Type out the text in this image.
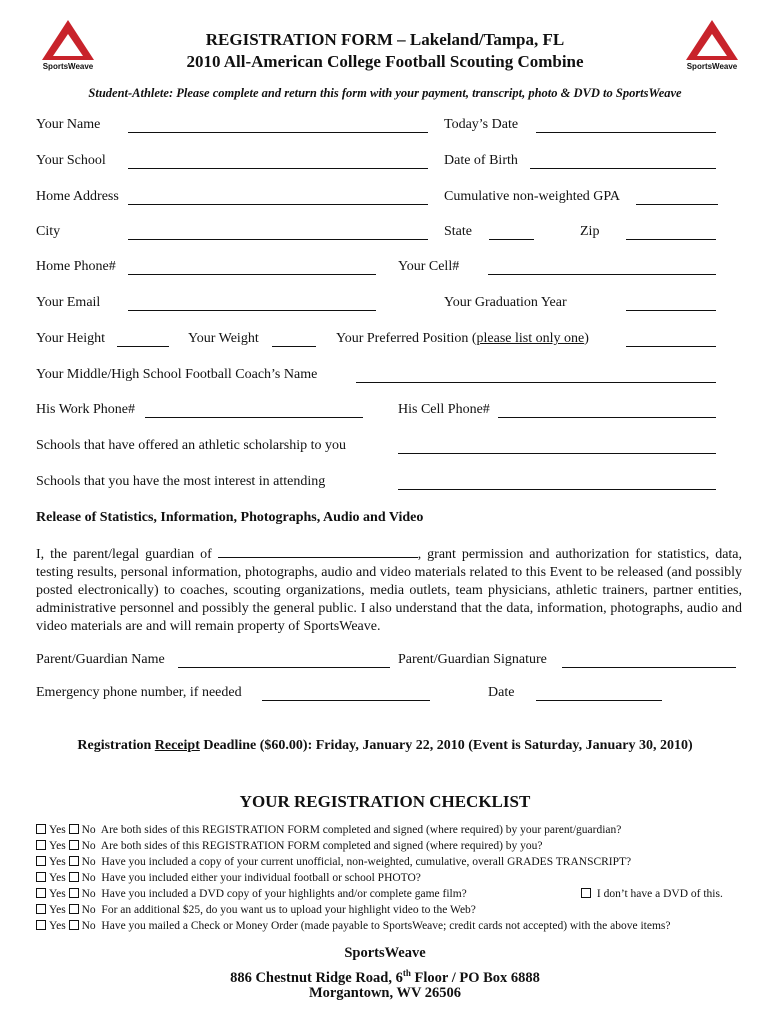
SportsWeave	SportsWeave
REGISTRATION FORM – Lakeland/Tampa, FL
2010 All-American College Football Scouting Combine
Student-Athlete: Please complete and return this form with your payment, transcript, photo & DVD to SportsWeave
Your Name	Today’s Date
Your School	Date of Birth
Home Address	Cumulative non-weighted GPA
City	State	Zip
Home Phone#	Your Cell#
Your Email	Your Graduation Year
Your Height	Your Weight	Your Preferred Position (please list only one)
Your Middle/High School Football Coach’s Name
His Work Phone#	His Cell Phone#
Schools that have offered an athletic scholarship to you
Schools that you have the most interest in attending
Release of Statistics, Information, Photographs, Audio and Video
I, the parent/legal guardian of	, grant permission and authorization for statistics, data, testing results, personal information, photographs, audio and video materials related to this Event to be released (and possibly posted electronically) to coaches, scouting organizations, media outlets, team physicians, athletic trainers, partner entities, administrative personnel and possibly the general public. I also understand that the data, information, photographs, audio and video materials are and will remain property of SportsWeave.
Parent/Guardian Name	Parent/Guardian Signature
Emergency phone number, if needed	Date
Registration Receipt Deadline ($60.00): Friday, January 22, 2010 (Event is Saturday, January 30, 2010)
YOUR REGISTRATION CHECKLIST
Yes No Are both sides of this REGISTRATION FORM completed and signed (where required) by your parent/guardian?
Yes No Are both sides of this REGISTRATION FORM completed and signed (where required) by you?
Yes No Have you included a copy of your current unofficial, non-weighted, cumulative, overall GRADES TRANSCRIPT?
Yes No Have you included either your individual football or school PHOTO?
Yes No Have you included a DVD copy of your highlights and/or complete game film?	I don’t have a DVD of this.
Yes No For an additional $25, do you want us to upload your highlight video to the Web?
Yes No Have you mailed a Check or Money Order (made payable to SportsWeave; credit cards not accepted) with the above items?
SportsWeave
886 Chestnut Ridge Road, 6th Floor / PO Box 6888
Morgantown, WV 26506
